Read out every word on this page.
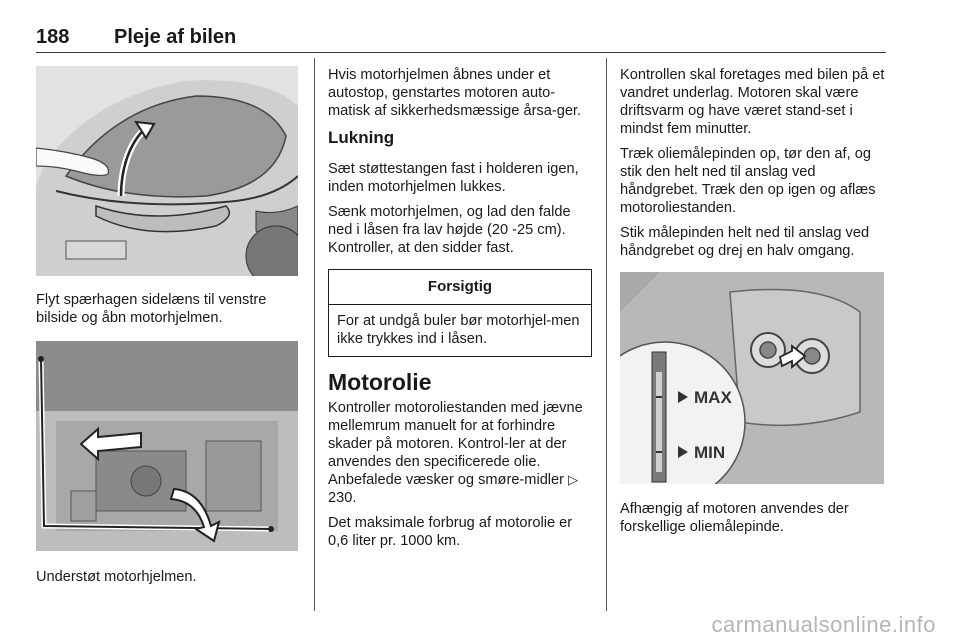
188 Pleje af bilen

Flyt spærhagen sidelæns til venstre bilside og åbn motorhjelmen.

Understøt motorhjelmen.

Hvis motorhjelmen åbnes under et autostop, genstartes motoren auto-matisk af sikkerhedsmæssige årsa-ger.

Lukning

Sæt støttestangen fast i holderen igen, inden motorhjelmen lukkes.

Sænk motorhjelmen, og lad den falde ned i låsen fra lav højde (20 -25 cm). Kontroller, at den sidder fast.

Forsigtig
For at undgå buler bør motorhjel-men ikke trykkes ind i låsen.
Motorolie

Kontroller motoroliestanden med jævne mellemrum manuelt for at forhindre skader på motoren. Kontrol-ler at der anvendes den specificerede olie. Anbefalede væsker og smøre-midler ▷ 230.

Det maksimale forbrug af motorolie er 0,6 liter pr. 1000 km.

Kontrollen skal foretages med bilen på et vandret underlag. Motoren skal være driftsvarm og have været stand-set i mindst fem minutter.

Træk oliemålepinden op, tør den af, og stik den helt ned til anslag ved håndgrebet. Træk den op igen og aflæs motoroliestanden.

Stik målepinden helt ned til anslag ved håndgrebet og drej en halv omgang.

MAX
MIN

Afhængig af motoren anvendes der forskellige oliemålepinde.

carmanualsonline.info
